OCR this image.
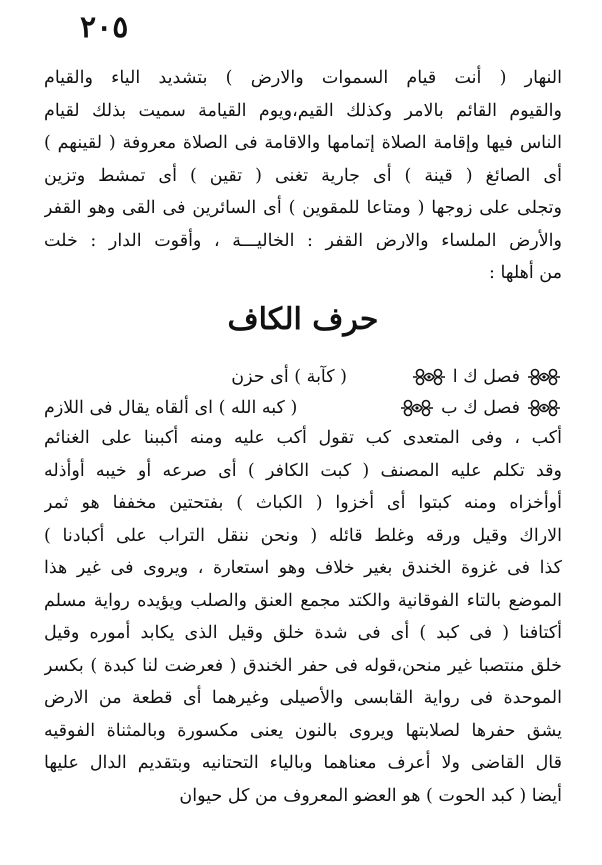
٢٠٥
النهار ( أنت قيام السموات والارض ) بتشديد الياء والقيام
والقيوم القائم بالامر وكذلك القيم،ويوم القيامة سميت بذلك لقيام
الناس فيها وإقامة الصلاة إتمامها والاقامة فى الصلاة معروفة ( لقينهم )
أى الصائغ ( قينة ) أى جارية تغنى ( تقين ) أى تمشط وتزين
وتجلى على زوجها ( ومتاعا للمقوين ) أى السائرين فى القى وهو القفر
والأرض الملساء والارض القفر : الخاليـــة ، وأقوت الدار : خلت
من أهلها :
حرف الكاف
فصل ك ا
( كآبة ) أى حزن
فصل ك ب
( كبه الله ) اى ألقاه يقال فى اللازم
أكب ، وفى المتعدى كب تقول أكب عليه ومنه أكببنا على الغنائم
وقد تكلم عليه المصنف ( كبت الكافر ) أى صرعه أو خيبه أوأذله
أوأخزاه ومنه كبتوا أى أخزوا ( الكباث ) بفتحتين مخففا هو ثمر
الاراك وقيل ورقه وغلط قائله ( ونحن ننقل التراب على أكبادنا )
كذا فى غزوة الخندق بغير خلاف وهو استعارة ، ويروى فى غير هذا
الموضع بالتاء الفوقانية والكتد مجمع العنق والصلب ويؤيده رواية مسلم
أكتافنا ( فى كبد ) أى فى شدة خلق وقيل الذى يكابد أموره وقيل
خلق منتصبا غير منحن،قوله فى حفر الخندق ( فعرضت لنا كبدة ) بكسر
الموحدة فى رواية القابسى والأصيلى وغيرهما أى قطعة من الارض
يشق حفرها لصلابتها ويروى بالنون يعنى مكسورة وبالمثناة الفوقيه
قال القاضى ولا أعرف معناهما وبالياء التحتانيه وبتقديم الدال عليها
أيضا ( كبد الحوت ) هو العضو المعروف من كل حيوان
